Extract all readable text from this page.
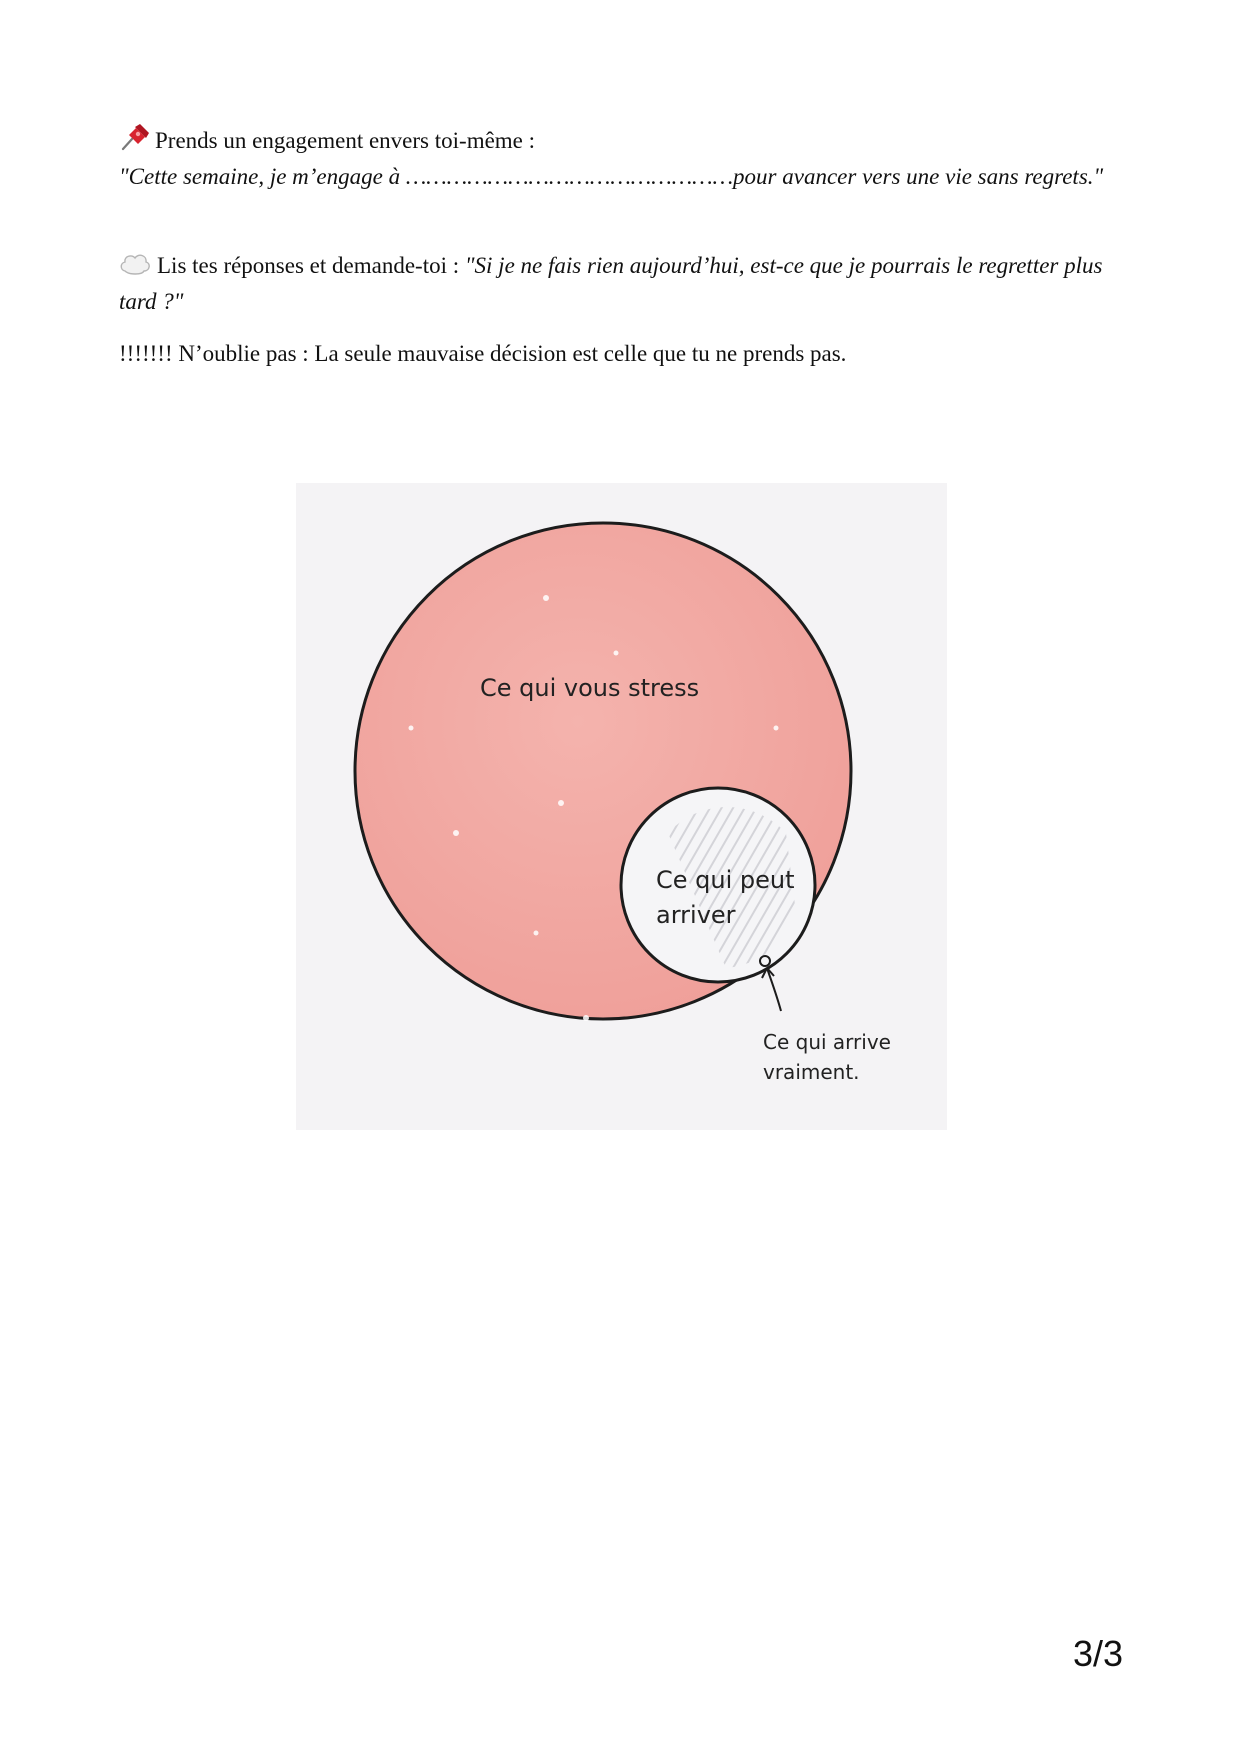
Prends un engagement envers toi-même :

"Cette semaine, je m’engage à …………………………………………pour avancer vers une vie sans regrets."

Lis tes réponses et demande-toi : "Si je ne fais rien aujourd’hui, est-ce que je pourrais le regretter plus tard ?"

!!!!!!! N’oublie pas : La seule mauvaise décision est celle que tu ne prends pas.

Ce qui vous stress
Ce qui peut
arriver
Ce qui arrive
vraiment.
3/3
